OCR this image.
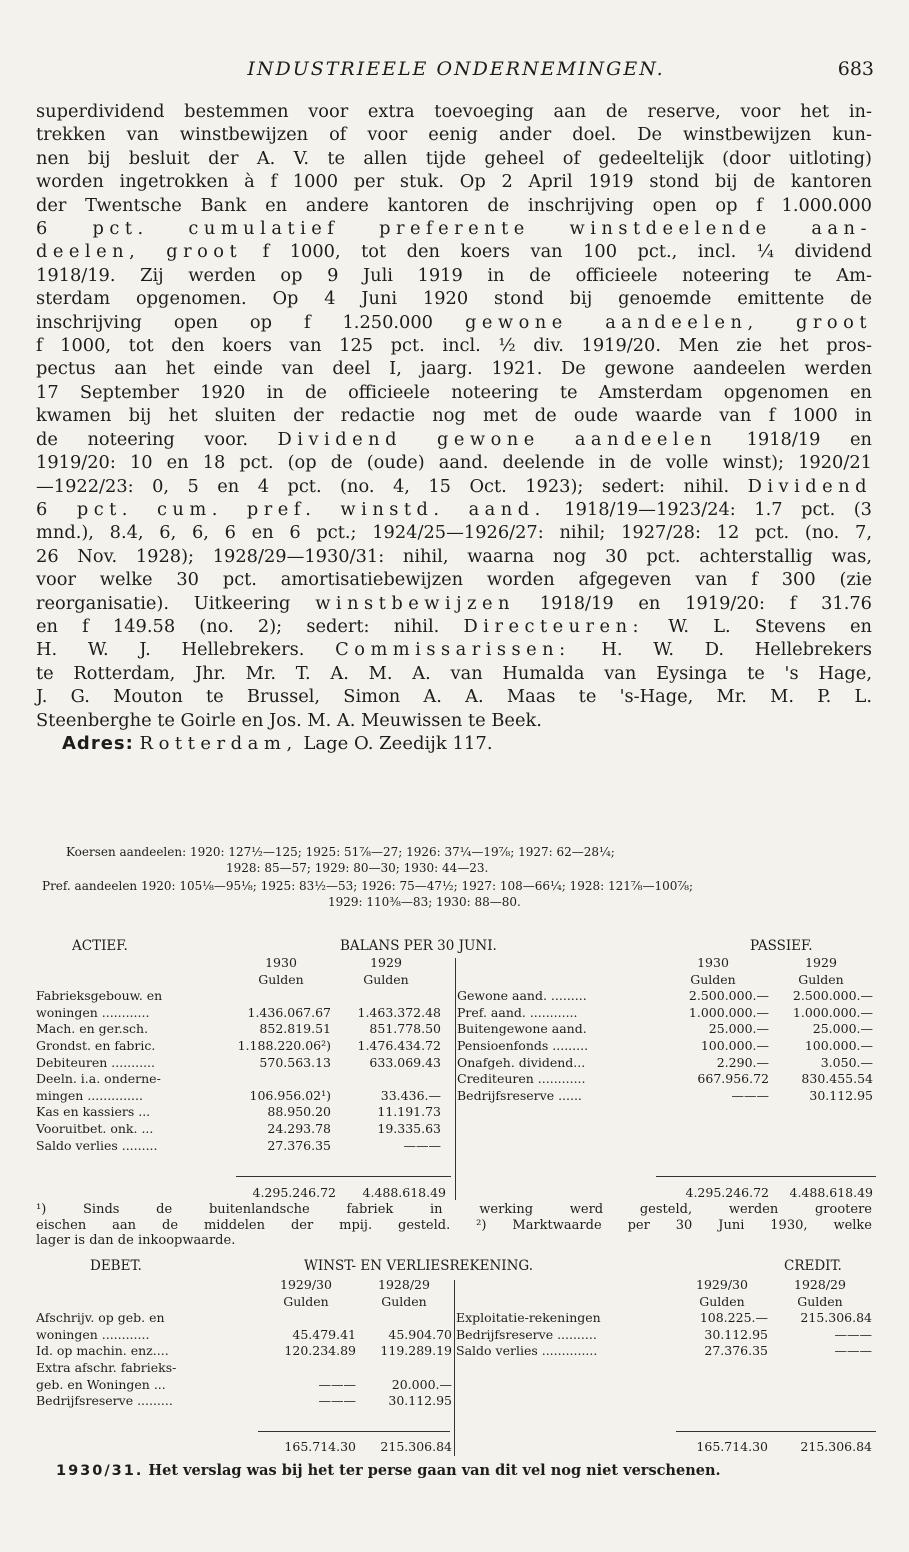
INDUSTRIEELE ONDERNEMINGEN.	683

superdividend bestemmen voor extra toevoeging aan de reserve, voor het in-

trekken van winstbewijzen of voor eenig ander doel. De winstbewijzen kun-

nen bij besluit der A. V. te allen tijde geheel of gedeeltelijk (door uitloting)

worden ingetrokken à f 1000 per stuk. Op 2 April 1919 stond bij de kantoren

der Twentsche Bank en andere kantoren de inschrijving open op f 1.000.000

6 pct. cumulatief preferente winstdeelende aan-

deelen, groot f 1000, tot den koers van 100 pct., incl. ¼ dividend

1918/19. Zij werden op 9 Juli 1919 in de officieele noteering te Am-

sterdam opgenomen. Op 4 Juni 1920 stond bij genoemde emittente de

inschrijving open op f 1.250.000 gewone aandeelen, groot

f 1000, tot den koers van 125 pct. incl. ½ div. 1919/20. Men zie het pros-

pectus aan het einde van deel I, jaarg. 1921. De gewone aandeelen werden

17 September 1920 in de officieele noteering te Amsterdam opgenomen en

kwamen bij het sluiten der redactie nog met de oude waarde van f 1000 in

de noteering voor. Dividend gewone aandeelen 1918/19 en

1919/20: 10 en 18 pct. (op de (oude) aand. deelende in de volle winst); 1920/21

—1922/23: 0, 5 en 4 pct. (no. 4, 15 Oct. 1923); sedert: nihil. Dividend

6 pct. cum. pref. winstd. aand. 1918/19—1923/24: 1.7 pct. (3

mnd.), 8.4, 6, 6, 6 en 6 pct.; 1924/25—1926/27: nihil; 1927/28: 12 pct. (no. 7,

26 Nov. 1928); 1928/29—1930/31: nihil, waarna nog 30 pct. achterstallig was,

voor welke 30 pct. amortisatiebewijzen worden afgegeven van f 300 (zie

reorganisatie). Uitkeering winstbewijzen 1918/19 en 1919/20: f 31.76

en f 149.58 (no. 2); sedert: nihil. Directeuren: W. L. Stevens en

H. W. J. Hellebrekers. Commissarissen: H. W. D. Hellebrekers

te Rotterdam, Jhr. Mr. T. A. M. A. van Humalda van Eysinga te 's Hage,

J. G. Mouton te Brussel, Simon A. A. Maas te 's-Hage, Mr. M. P. L.

Steenberghe te Goirle en Jos. M. A. Meuwissen te Beek.

Adres: Rotterdam, Lage O. Zeedijk 117.

Koersen aandeelen: 1920: 127½—125; 1925: 51⅞—27; 1926: 37¼—19⅞; 1927: 62—28¼;
1928: 85—57; 1929: 80—30; 1930: 44—23.
Pref. aandeelen 1920: 105⅛—95⅛; 1925: 83½—53; 1926: 75—47½; 1927: 108—66¼; 1928: 121⅞—100⅞;
1929: 110⅜—83; 1930: 88—80.
ACTIEF.	BALANS PER 30 JUNI.	PASSIEF.
	1930	1929
	Gulden	Gulden
Fabrieksgebouw. en		
woningen ............	1.436.067.67	1.463.372.48
Mach. en ger.sch.	852.819.51	851.778.50
Grondst. en fabric.	1.188.220.06²)	1.476.434.72
Debiteuren ...........	570.563.13	633.069.43
Deeln. i.a. onderne-		
mingen ..............	106.956.02¹)	33.436.—
Kas en kassiers ...	88.950.20	11.191.73
Vooruitbet. onk. ...	24.293.78	19.335.63
Saldo verlies .........	27.376.35	———
	1930	1929
	Gulden	Gulden
Gewone aand. .........	2.500.000.—	2.500.000.—
Pref. aand. ............	1.000.000.—	1.000.000.—
Buitengewone aand.	25.000.—	25.000.—
Pensioenfonds .........	100.000.—	100.000.—
Onafgeh. dividend...	2.290.—	3.050.—
Crediteuren ............	667.956.72	830.455.54
Bedrijfsreserve ......	———	30.112.95
4.295.246.72	4.488.618.49	4.295.246.72	4.488.618.49

¹) Sinds de buitenlandsche fabriek in werking werd gesteld, werden grootere

eischen aan de middelen der mpij. gesteld. ²) Marktwaarde per 30 Juni 1930, welke

lager is dan de inkoopwaarde.

DEBET.	WINST- EN VERLIESREKENING.	CREDIT.
	1929/30	1928/29
	Gulden	Gulden
Afschrijv. op geb. en		
woningen ............	45.479.41	45.904.70
Id. op machin. enz....	120.234.89	119.289.19
Extra afschr. fabrieks-		
geb. en Woningen ...	———	20.000.—
Bedrijfsreserve .........	———	30.112.95
	1929/30	1928/29
	Gulden	Gulden
Exploitatie-rekeningen	108.225.—	215.306.84
Bedrijfsreserve ..........	30.112.95	———
Saldo verlies ..............	27.376.35	———
165.714.30	215.306.84	165.714.30	215.306.84
1930/31. Het verslag was bij het ter perse gaan van dit vel nog niet verschenen.
